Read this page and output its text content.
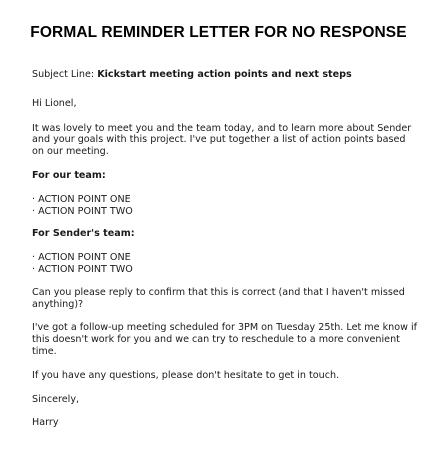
FORMAL REMINDER LETTER FOR NO RESPONSE

Subject Line: Kickstart meeting action points and next steps

Hi Lionel,

It was lovely to meet you and the team today, and to learn more about Sender and your goals with this project. I've put together a list of action points based on our meeting.

For our team:

· ACTION POINT ONE
· ACTION POINT TWO

For Sender's team:

· ACTION POINT ONE
· ACTION POINT TWO

Can you please reply to confirm that this is correct (and that I haven't missed anything)?

I've got a follow-up meeting scheduled for 3PM on Tuesday 25th. Let me know if this doesn't work for you and we can try to reschedule to a more convenient time.

If you have any questions, please don't hesitate to get in touch.

Sincerely,

Harry
